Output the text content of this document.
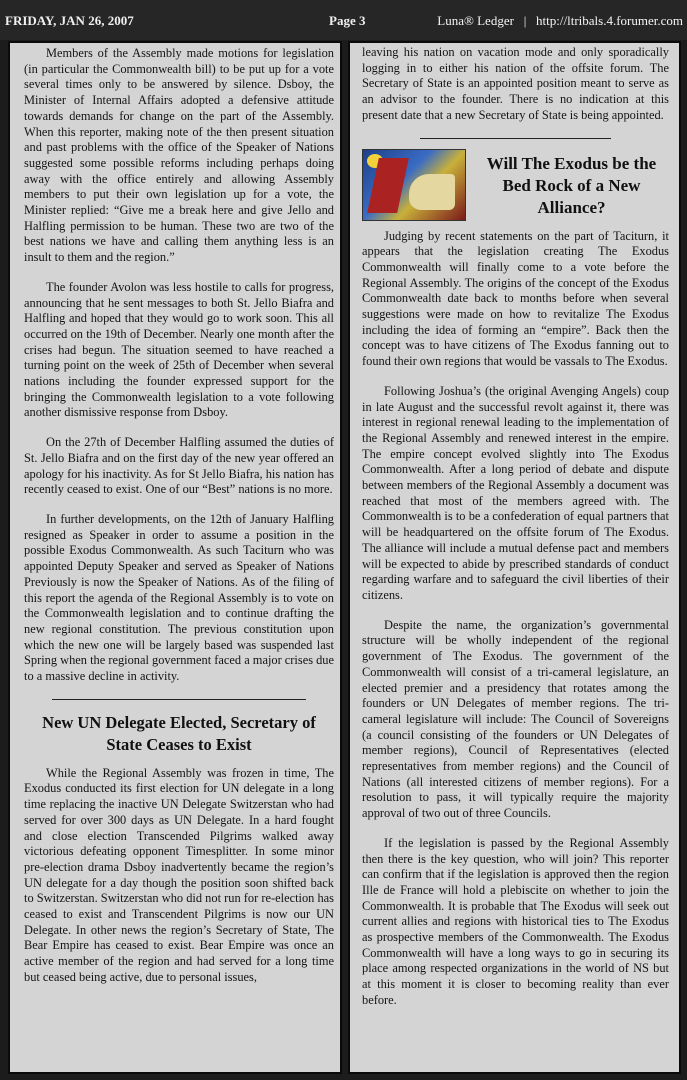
FRIDAY, JAN 26, 2007	Page 3	Luna® Ledger | http://ltribals.4.forumer.com

Members of the Assembly made motions for legislation (in particular the Commonwealth bill) to be put up for a vote several times only to be answered by silence. Dsboy, the Minister of Internal Affairs adopted a defensive attitude towards demands for change on the part of the Assembly. When this reporter, making note of the then present situation and past problems with the office of the Speaker of Nations suggested some possible reforms including perhaps doing away with the office entirely and allowing Assembly members to put their own legislation up for a vote, the Minister replied: “Give me a break here and give Jello and Halfling permission to be human. These two are two of the best nations we have and calling them anything less is an insult to them and the region.”

The founder Avolon was less hostile to calls for progress, announcing that he sent messages to both St. Jello Biafra and Halfling and hoped that they would go to work soon. This all occurred on the 19th of December. Nearly one month after the crises had begun. The situation seemed to have reached a turning point on the week of 25th of December when several nations including the founder expressed support for the bringing the Commonwealth legislation to a vote following another dismissive response from Dsboy.

On the 27th of December Halfling assumed the duties of St. Jello Biafra and on the first day of the new year offered an apology for his inactivity. As for St Jello Biafra, his nation has recently ceased to exist. One of our “Best” nations is no more.

In further developments, on the 12th of January Halfling resigned as Speaker in order to assume a position in the possible Exodus Commonwealth. As such Taciturn who was appointed Deputy Speaker and served as Speaker of Nations Previously is now the Speaker of Nations. As of the filing of this report the agenda of the Regional Assembly is to vote on the Commonwealth legislation and to continue drafting the new regional constitution. The previous constitution upon which the new one will be largely based was suspended last Spring when the regional government faced a major crises due to a massive decline in activity.

New UN Delegate Elected, Secretary of State Ceases to Exist

While the Regional Assembly was frozen in time, The Exodus conducted its first election for UN delegate in a long time replacing the inactive UN Delegate Switzerstan who had served for over 300 days as UN Delegate. In a hard fought and close election Transcended Pilgrims walked away victorious defeating opponent Timesplitter. In some minor pre-election drama Dsboy inadvertently became the region’s UN delegate for a day though the position soon shifted back to Switzerstan. Switzerstan who did not run for re-election has ceased to exist and Transcendent Pilgrims is now our UN Delegate. In other news the region’s Secretary of State, The Bear Empire has ceased to exist. Bear Empire was once an active member of the region and had served for a long time but ceased being active, due to personal issues,

leaving his nation on vacation mode and only sporadically logging in to either his nation of the offsite forum. The Secretary of State is an appointed position meant to serve as an advisor to the founder. There is no indication at this present date that a new Secretary of State is being appointed.

Will The Exodus be the Bed Rock of a New Alliance?

Judging by recent statements on the part of Taciturn, it appears that the legislation creating The Exodus Commonwealth will finally come to a vote before the Regional Assembly. The origins of the concept of the Exodus Commonwealth date back to months before when several suggestions were made on how to revitalize The Exodus including the idea of forming an “empire”. Back then the concept was to have citizens of The Exodus fanning out to found their own regions that would be vassals to The Exodus.

Following Joshua’s (the original Avenging Angels) coup in late August and the successful revolt against it, there was interest in regional renewal leading to the implementation of the Regional Assembly and renewed interest in the empire. The empire concept evolved slightly into The Exodus Commonwealth. After a long period of debate and dispute between members of the Regional Assembly a document was reached that most of the members agreed with. The Commonwealth is to be a confederation of equal partners that will be headquartered on the offsite forum of The Exodus. The alliance will include a mutual defense pact and members will be expected to abide by prescribed standards of conduct regarding warfare and to safeguard the civil liberties of their citizens.

Despite the name, the organization’s governmental structure will be wholly independent of the regional government of The Exodus. The government of the Commonwealth will consist of a tri-cameral legislature, an elected premier and a presidency that rotates among the founders or UN Delegates of member regions. The tri-cameral legislature will include: The Council of Sovereigns (a council consisting of the founders or UN Delegates of member regions), Council of Representatives (elected representatives from member regions) and the Council of Nations (all interested citizens of member regions). For a resolution to pass, it will typically require the majority approval of two out of three Councils.

If the legislation is passed by the Regional Assembly then there is the key question, who will join? This reporter can confirm that if the legislation is approved then the region Ille de France will hold a plebiscite on whether to join the Commonwealth. It is probable that The Exodus will seek out current allies and regions with historical ties to The Exodus as prospective members of the Commonwealth. The Exodus Commonwealth will have a long ways to go in securing its place among respected organizations in the world of NS but at this moment it is closer to becoming reality than ever before.
